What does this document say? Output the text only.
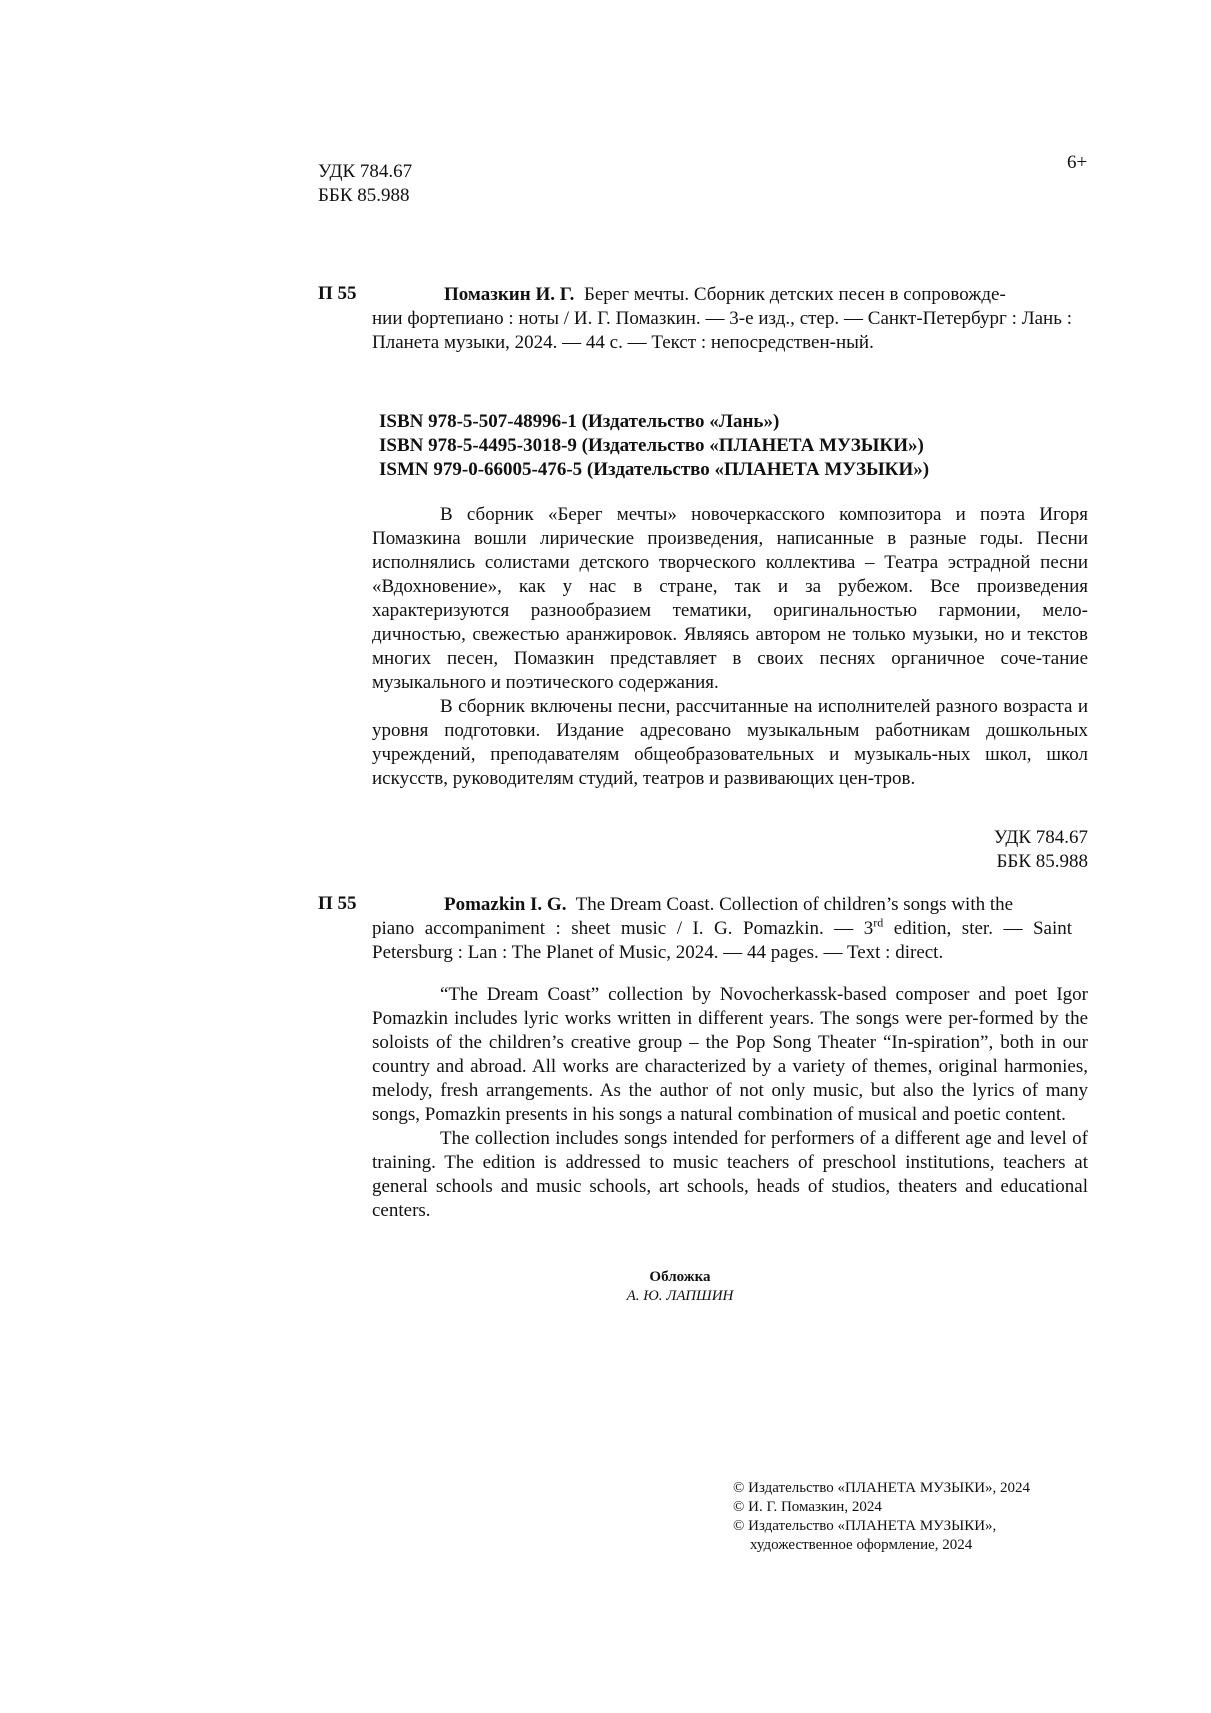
УДК 784.67
ББК 85.988
6+
П 55	Помазкин И. Г. Берег мечты. Сборник детских песен в сопровожде-
нии фортепиано : ноты / И. Г. Помазкин. — 3-е изд., стер. — Санкт-Петербург : Лань : Планета музыки, 2024. — 44 с. — Текст : непосредствен-ный.
ISBN 978-5-507-48996-1 (Издательство «Лань»)
ISBN 978-5-4495-3018-9 (Издательство «ПЛАНЕТА МУЗЫКИ»)
ISMN 979-0-66005-476-5 (Издательство «ПЛАНЕТА МУЗЫКИ»)

В сборник «Берег мечты» новочеркасского композитора и поэта Игоря Помазкина вошли лирические произведения, написанные в разные годы. Песни исполнялись солистами детского творческого коллектива – Театра эстрадной песни «Вдохновение», как у нас в стране, так и за рубежом. Все произведения характеризуются разнообразием тематики, оригинальностью гармонии, мело-дичностью, свежестью аранжировок. Являясь автором не только музыки, но и текстов многих песен, Помазкин представляет в своих песнях органичное соче-тание музыкального и поэтического содержания.

В сборник включены песни, рассчитанные на исполнителей разного возраста и уровня подготовки. Издание адресовано музыкальным работникам дошкольных учреждений, преподавателям общеобразовательных и музыкаль-ных школ, школ искусств, руководителям студий, театров и развивающих цен-тров.

УДК 784.67
ББК 85.988
П 55	Pomazkin I. G. The Dream Coast. Collection of children’s songs with the
piano accompaniment : sheet music / I. G. Pomazkin. — 3rd edition, ster. — Saint Petersburg : Lan : The Planet of Music, 2024. — 44 pages. — Text : direct.

“The Dream Coast” collection by Novocherkassk-based composer and poet Igor Pomazkin includes lyric works written in different years. The songs were per-formed by the soloists of the children’s creative group – the Pop Song Theater “In-spiration”, both in our country and abroad. All works are characterized by a variety of themes, original harmonies, melody, fresh arrangements. As the author of not only music, but also the lyrics of many songs, Pomazkin presents in his songs a natural combination of musical and poetic content.

The collection includes songs intended for performers of a different age and level of training. The edition is addressed to music teachers of preschool institutions, teachers at general schools and music schools, art schools, heads of studios, theaters and educational centers.

Обложка
А. Ю. ЛАПШИН
© Издательство «ПЛАНЕТА МУЗЫКИ», 2024
© И. Г. Помазкин, 2024
© Издательство «ПЛАНЕТА МУЗЫКИ»,
художественное оформление, 2024
